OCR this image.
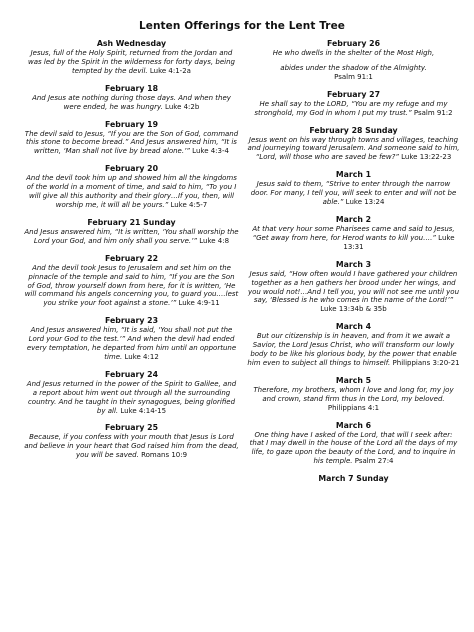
Lenten Offerings for the Lent Tree
Ash Wednesday
Jesus, full of the Holy Spirit, returned from the Jordan and was led by the Spirit in the wilderness for forty days, being tempted by the devil. Luke 4:1-2a
February 18
And Jesus ate nothing during those days. And when they were ended, he was hungry. Luke 4:2b
February 19
The devil said to Jesus, “If you are the Son of God, command this stone to become bread.” And Jesus answered him, “It is written, ‘Man shall not live by bread alone.’” Luke 4:3-4
February 20
And the devil took him up and showed him all the kingdoms of the world in a moment of time, and said to him, “To you I will give all this authority and their glory…If you, then, will worship me, it will all be yours.” Luke 4:5-7
February 21 Sunday
And Jesus answered him, “It is written, ‘You shall worship the Lord your God, and him only shall you serve.’” Luke 4:8
February 22
And the devil took Jesus to Jerusalem and set him on the pinnacle of the temple and said to him, “If you are the Son of God, throw yourself down from here, for it is written, ‘He will command his angels concerning you, to guard you….lest you strike your foot against a stone.’” Luke 4:9-11
February 23
And Jesus answered him, “It is said, ‘You shall not put the Lord your God to the test.’” And when the devil had ended every temptation, he departed from him until an opportune time. Luke 4:12
February 24
And Jesus returned in the power of the Spirit to Galilee, and a report about him went out through all the surrounding country. And he taught in their synagogues, being glorified by all. Luke 4:14-15
February 25
Because, if you confess with your mouth that Jesus is Lord and believe in your heart that God raised him from the dead, you will be saved. Romans 10:9
February 26
He who dwells in the shelter of the Most High,
abides under the shadow of the Almighty.
Psalm 91:1
February 27
He shall say to the LORD, “You are my refuge and my stronghold, my God in whom I put my trust.” Psalm 91:2
February 28 Sunday
Jesus went on his way through towns and villages, teaching and journeying toward Jerusalem. And someone said to him, “Lord, will those who are saved be few?” Luke 13:22-23
March 1
Jesus said to them, “Strive to enter through the narrow door. For many, I tell you, will seek to enter and will not be able.” Luke 13:24
March 2
At that very hour some Pharisees came and said to Jesus, “Get away from here, for Herod wants to kill you….” Luke 13:31
March 3
Jesus said, “How often would I have gathered your children together as a hen gathers her brood under her wings, and you would not!…And I tell you, you will not see me until you say, ‘Blessed is he who comes in the name of the Lord!’” Luke 13:34b & 35b
March 4
But our citizenship is in heaven, and from it we await a Savior, the Lord Jesus Christ, who will transform our lowly body to be like his glorious body, by the power that enable him even to subject all things to himself. Philippians 3:20-21
March 5
Therefore, my brothers, whom I love and long for, my joy and crown, stand firm thus in the Lord, my beloved. Philippians 4:1
March 6
One thing have I asked of the Lord, that will I seek after: that I may dwell in the house of the Lord all the days of my life, to gaze upon the beauty of the Lord, and to inquire in his temple. Psalm 27:4
March 7 Sunday
